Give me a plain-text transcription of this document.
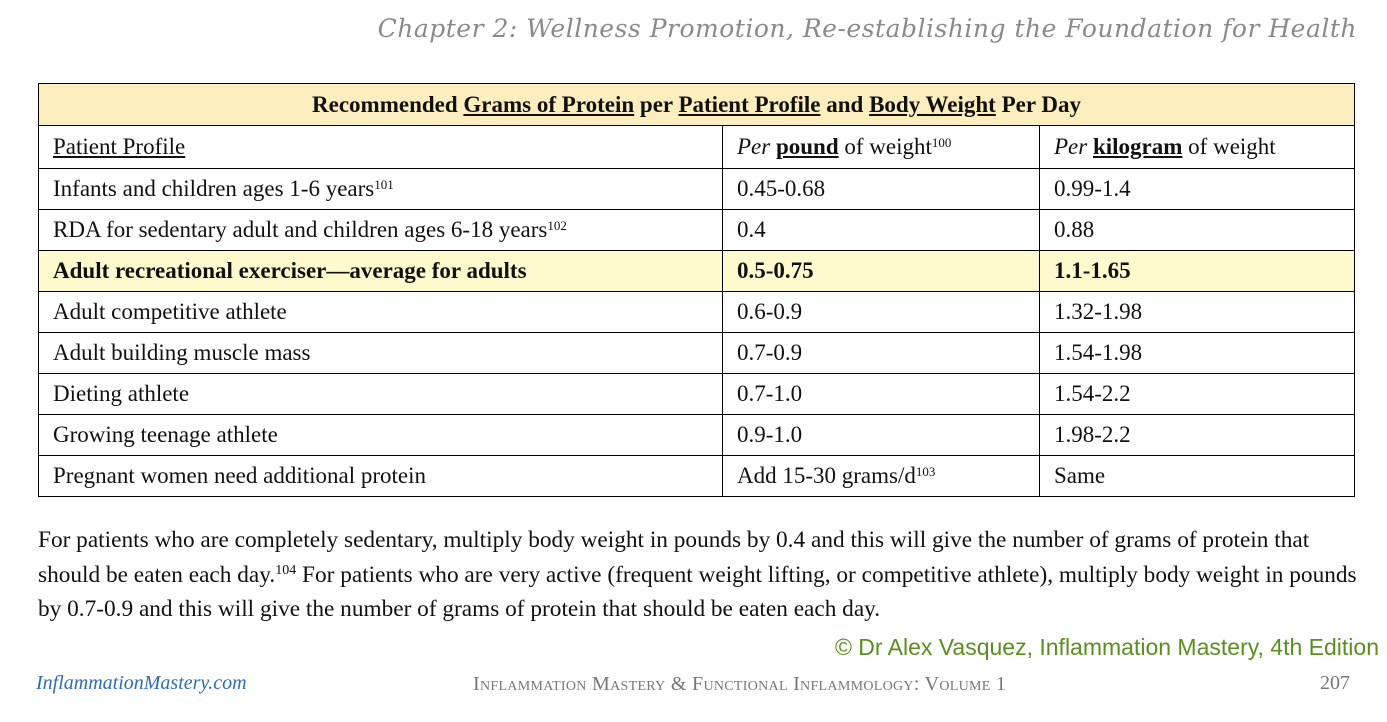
Chapter 2: Wellness Promotion, Re-establishing the Foundation for Health
Recommended Grams of Protein per Patient Profile and Body Weight Per Day		
Patient Profile	Per pound of weight$^{100}$	Per kilogram of weight
Infants and children ages 1-6 years$^{101}$	0.45-0.68	0.99-1.4
RDA for sedentary adult and children ages 6-18 years$^{102}$	0.4	0.88
Adult recreational exerciser—average for adults	0.5-0.75	1.1-1.65
Adult competitive athlete	0.6-0.9	1.32-1.98
Adult building muscle mass	0.7-0.9	1.54-1.98
Dieting athlete	0.7-1.0	1.54-2.2
Growing teenage athlete	0.9-1.0	1.98-2.2
Pregnant women need additional protein	Add 15-30 grams/$d^{103}$	Same

For patients who are completely sedentary, multiply body weight in pounds by 0.4 and this will give the number of grams of protein that should be eaten each day.$^{104}$ For patients who are very active (frequent weight lifting, or competitive athlete), multiply body weight in pounds by 0.7-0.9 and this will give the number of grams of protein that should be eaten each day.

© Dr Alex Vasquez, Inflammation Mastery, 4th Edition
InflammationMastery.com	Inflammation Mastery & Functional Inflammology: Volume 1	207
